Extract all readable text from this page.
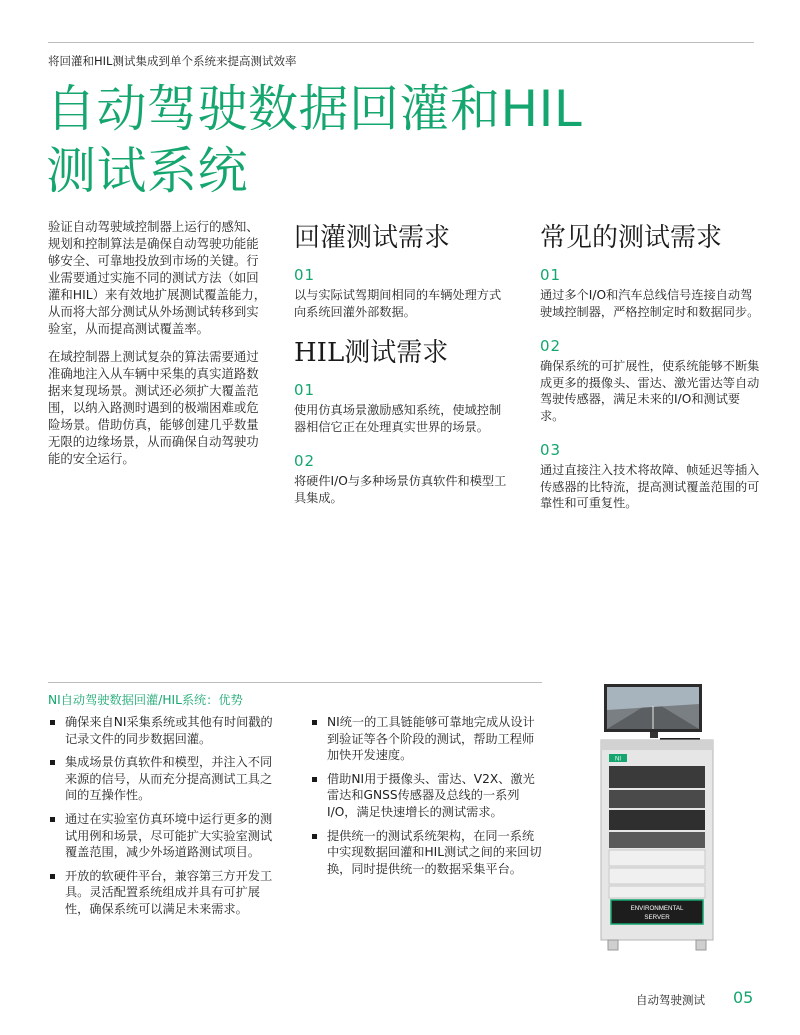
将回灌和HIL测试集成到单个系统来提高测试效率
自动驾驶数据回灌和HIL
测试系统

验证自动驾驶域控制器上运行的感知、规划和控制算法是确保自动驾驶功能能够安全、可靠地投放到市场的关键。行业需要通过实施不同的测试方法（如回灌和HIL）来有效地扩展测试覆盖能力，从而将大部分测试从外场测试转移到实验室，从而提高测试覆盖率。

在域控制器上测试复杂的算法需要通过准确地注入从车辆中采集的真实道路数据来复现场景。测试还必须扩大覆盖范围，以纳入路测时遇到的极端困难或危险场景。借助仿真，能够创建几乎数量无限的边缘场景，从而确保自动驾驶功能的安全运行。

回灌测试需求
01
以与实际试驾期间相同的车辆处理方式向系统回灌外部数据。
HIL测试需求
01
使用仿真场景激励感知系统，使域控制器相信它正在处理真实世界的场景。
02
将硬件I/O与多种场景仿真软件和模型工具集成。
常见的测试需求
01
通过多个I/O和汽车总线信号连接自动驾驶域控制器，严格控制定时和数据同步。
02
确保系统的可扩展性，使系统能够不断集成更多的摄像头、雷达、激光雷达等自动驾驶传感器，满足未来的I/O和测试要求。
03
通过直接注入技术将故障、帧延迟等插入传感器的比特流，提高测试覆盖范围的可靠性和可重复性。
NI自动驾驶数据回灌/HIL系统：优势
确保来自NI采集系统或其他有时间戳的记录文件的同步数据回灌。
集成场景仿真软件和模型，并注入不同来源的信号，从而充分提高测试工具之间的互操作性。
通过在实验室仿真环境中运行更多的测试用例和场景，尽可能扩大实验室测试覆盖范围，减少外场道路测试项目。
开放的软硬件平台，兼容第三方开发工具。灵活配置系统组成并具有可扩展性，确保系统可以满足未来需求。
NI统一的工具链能够可靠地完成从设计到验证等各个阶段的测试，帮助工程师加快开发速度。
借助NI用于摄像头、雷达、V2X、激光雷达和GNSS传感器及总线的一系列I/O，满足快速增长的测试需求。
提供统一的测试系统架构，在同一系统中实现数据回灌和HIL测试之间的来回切换，同时提供统一的数据采集平台。
NI
ENVIRONMENTAL
SERVER
自动驾驶测试 05
